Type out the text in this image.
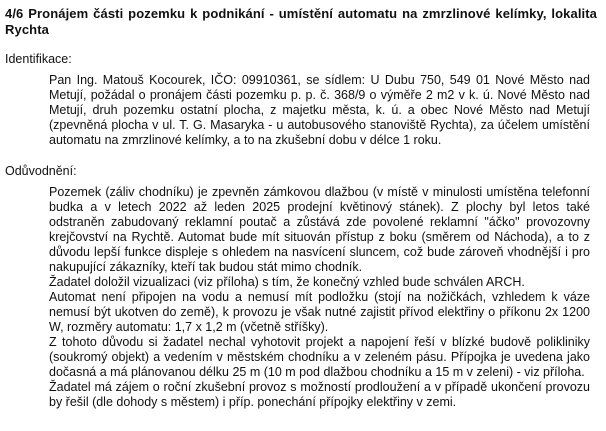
4/6 Pronájem části pozemku k podnikání - umístění automatu na zmrzlinové kelímky, lokalita Rychta
Identifikace:

Pan Ing. Matouš Kocourek, IČO: 09910361, se sídlem: U Dubu 750, 549 01 Nové Město nad Metují, požádal o pronájem části pozemku p. p. č. 368/9 o výměře 2 m2 v k. ú. Nové Město nad Metují, druh pozemku ostatní plocha, z majetku města, k. ú. a obec Nové Město nad Metují (zpevněná plocha v ul. T. G. Masaryka - u autobusového stanoviště Rychta), za účelem umístění automatu na zmrzlinové kelímky, a to na zkušební dobu v délce 1 roku.

Odůvodnění:

Pozemek (záliv chodníku) je zpevněn zámkovou dlažbou (v místě v minulosti umístěna telefonní budka a v letech 2022 až leden 2025 prodejní květinový stánek). Z plochy byl letos také odstraněn zabudovaný reklamní poutač a zůstává zde povolené reklamní "áčko" provozovny krejčovství na Rychtě. Automat bude mít situován přístup z boku (směrem od Náchoda), a to z důvodu lepší funkce displeje s ohledem na nasvícení sluncem, což bude zároveň vhodnější i pro nakupující zákazníky, kteří tak budou stát mimo chodník.

Žadatel doložil vizualizaci (viz příloha) s tím, že konečný vzhled bude schválen ARCH.

Automat není připojen na vodu a nemusí mít podložku (stojí na nožičkách, vzhledem k váze nemusí být ukotven do země), k provozu je však nutné zajistit přívod elektřiny o příkonu 2x 1200 W, rozměry automatu: 1,7 x 1,2 m (včetně stříšky).

Z tohoto důvodu si žadatel nechal vyhotovit projekt a napojení řeší v blízké budově polikliniky (soukromý objekt) a vedením v městském chodníku a v zeleném pásu. Přípojka je uvedena jako dočasná a má plánovanou délku 25 m (10 m pod dlažbou chodníku a 15 m v zeleni) - viz příloha.

Žadatel má zájem o roční zkušební provoz s možností prodloužení a v případě ukončení provozu by řešil (dle dohody s městem) i příp. ponechání přípojky elektřiny v zemi.
